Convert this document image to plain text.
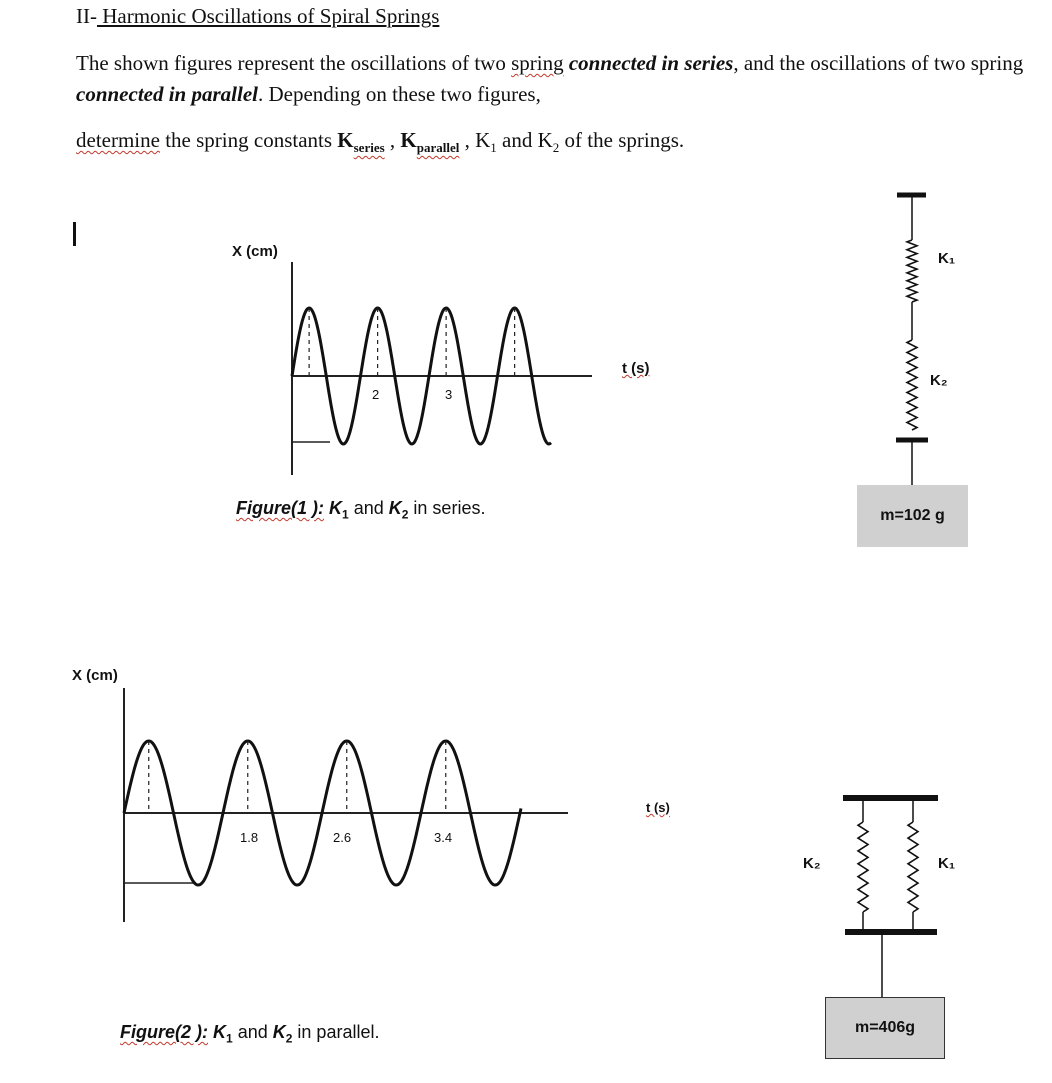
II- Harmonic Oscillations of Spiral Springs
The shown figures represent the oscillations of two spring connected in series, and the oscillations of two spring connected in parallel. Depending on these two figures,
determine the spring constants $K_{series}$ , $K_{parallel}$ , $K_1$ and $K_2$ of the springs.
X (cm)
t (s)
2	3
K₁
K₂
m=102 g
Figure(1 ): $K_1$ and $K_2$ in series.
X (cm)
t (s)
1.8	2.6	3.4
K₂	K₁
m=406g
Figure(2 ): $K_1$ and $K_2$ in parallel.
